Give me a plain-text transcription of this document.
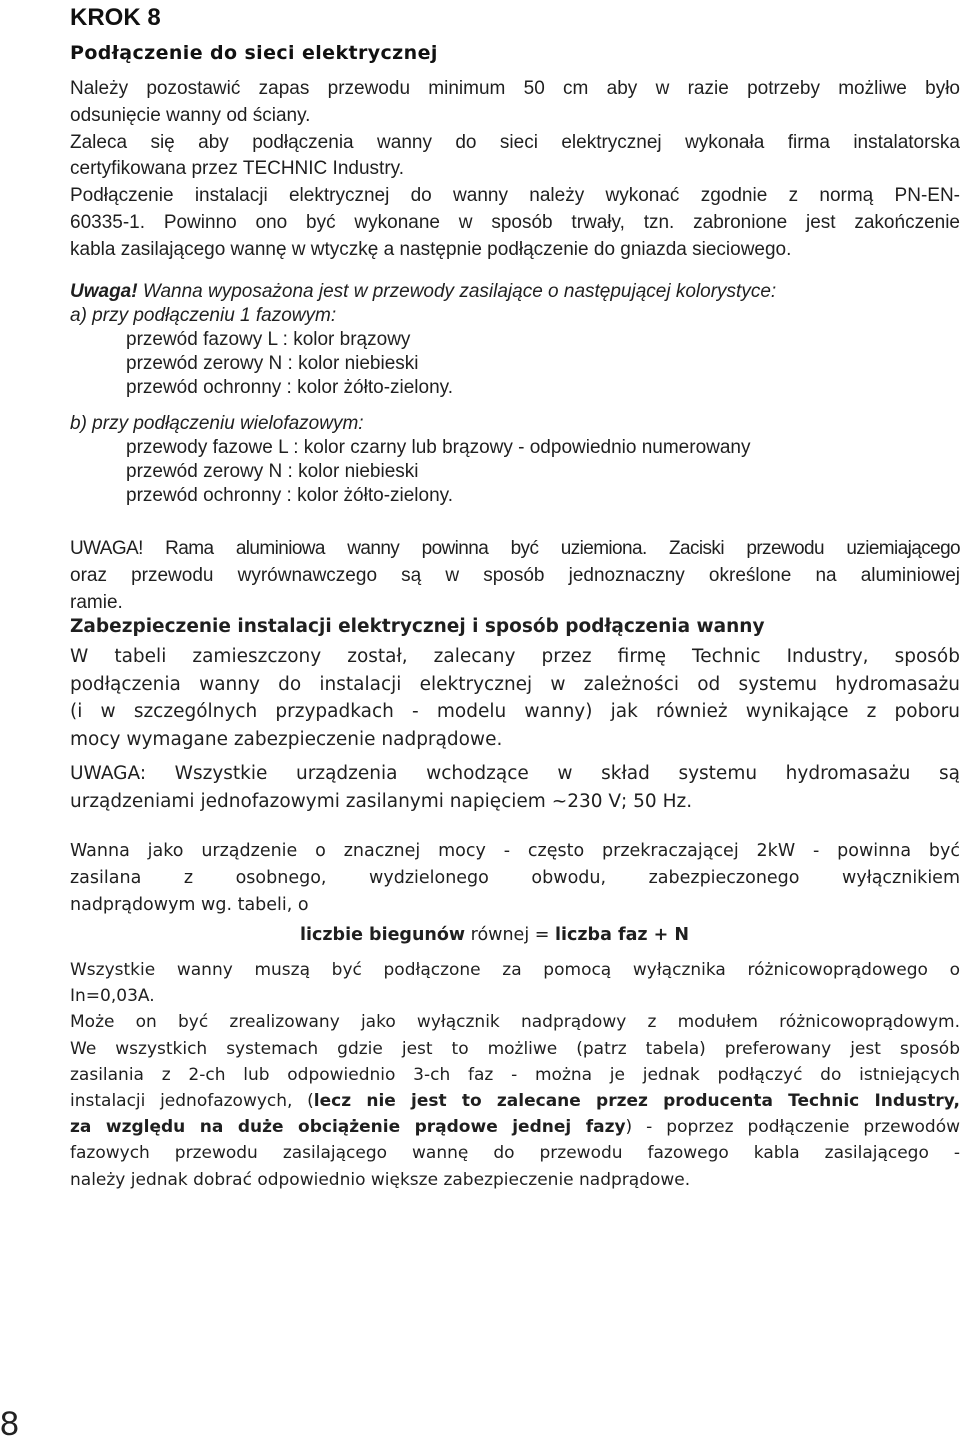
KROK 8
Podłączenie do sieci elektrycznej
Należy pozostawić zapas przewodu minimum 50 cm aby w razie potrzeby możliwe było
odsunięcie wanny od ściany.
Zaleca się aby podłączenia wanny do sieci elektrycznej wykonała firma instalatorska
certyfikowana przez TECHNIC Industry.
Podłączenie instalacji elektrycznej do wanny należy wykonać zgodnie z normą PN-EN-
60335-1. Powinno ono być wykonane w sposób trwały, tzn. zabronione jest zakończenie
kabla zasilającego wannę w wtyczkę a następnie podłączenie do gniazda sieciowego.
Uwaga! Wanna wyposażona jest w przewody zasilające o następującej kolorystyce:
a) przy podłączeniu 1 fazowym:
przewód fazowy L : kolor brązowy
przewód zerowy N : kolor niebieski
przewód ochronny : kolor żółto-zielony.
b) przy podłączeniu wielofazowym:
przewody fazowe L : kolor czarny lub brązowy - odpowiednio numerowany
przewód zerowy N : kolor niebieski
przewód ochronny : kolor żółto-zielony.
UWAGA! Rama aluminiowa wanny powinna być uziemiona. Zaciski przewodu uziemiającego
oraz przewodu wyrównawczego są w sposób jednoznaczny określone na aluminiowej
ramie.
Zabezpieczenie instalacji elektrycznej i sposób podłączenia wanny
W tabeli zamieszczony został, zalecany przez firmę Technic Industry, sposób
podłączenia wanny do instalacji elektrycznej w zależności od systemu hydromasażu
(i w szczególnych przypadkach - modelu wanny) jak również wynikające z poboru
mocy wymagane zabezpieczenie nadprądowe.
UWAGA: Wszystkie urządzenia wchodzące w skład systemu hydromasażu są
urządzeniami jednofazowymi zasilanymi napięciem ~230 V; 50 Hz.
Wanna jako urządzenie o znacznej mocy - często przekraczającej 2kW - powinna być
zasilana z osobnego, wydzielonego obwodu, zabezpieczonego wyłącznikiem
nadprądowym wg. tabeli, o
liczbie biegunów równej = liczba faz + N
Wszystkie wanny muszą być podłączone za pomocą wyłącznika różnicowoprądowego o
In=0,03A.
Może on być zrealizowany jako wyłącznik nadprądowy z modułem różnicowoprądowym.
We wszystkich systemach gdzie jest to możliwe (patrz tabela) preferowany jest sposób
zasilania z 2-ch lub odpowiednio 3-ch faz - można je jednak podłączyć do istniejących
instalacji jednofazowych, (lecz nie jest to zalecane przez producenta Technic Industry,
za względu na duże obciążenie prądowe jednej fazy) - poprzez podłączenie przewodów
fazowych przewodu zasilającego wannę do przewodu fazowego kabla zasilającego -
należy jednak dobrać odpowiednio większe zabezpieczenie nadprądowe.
8
